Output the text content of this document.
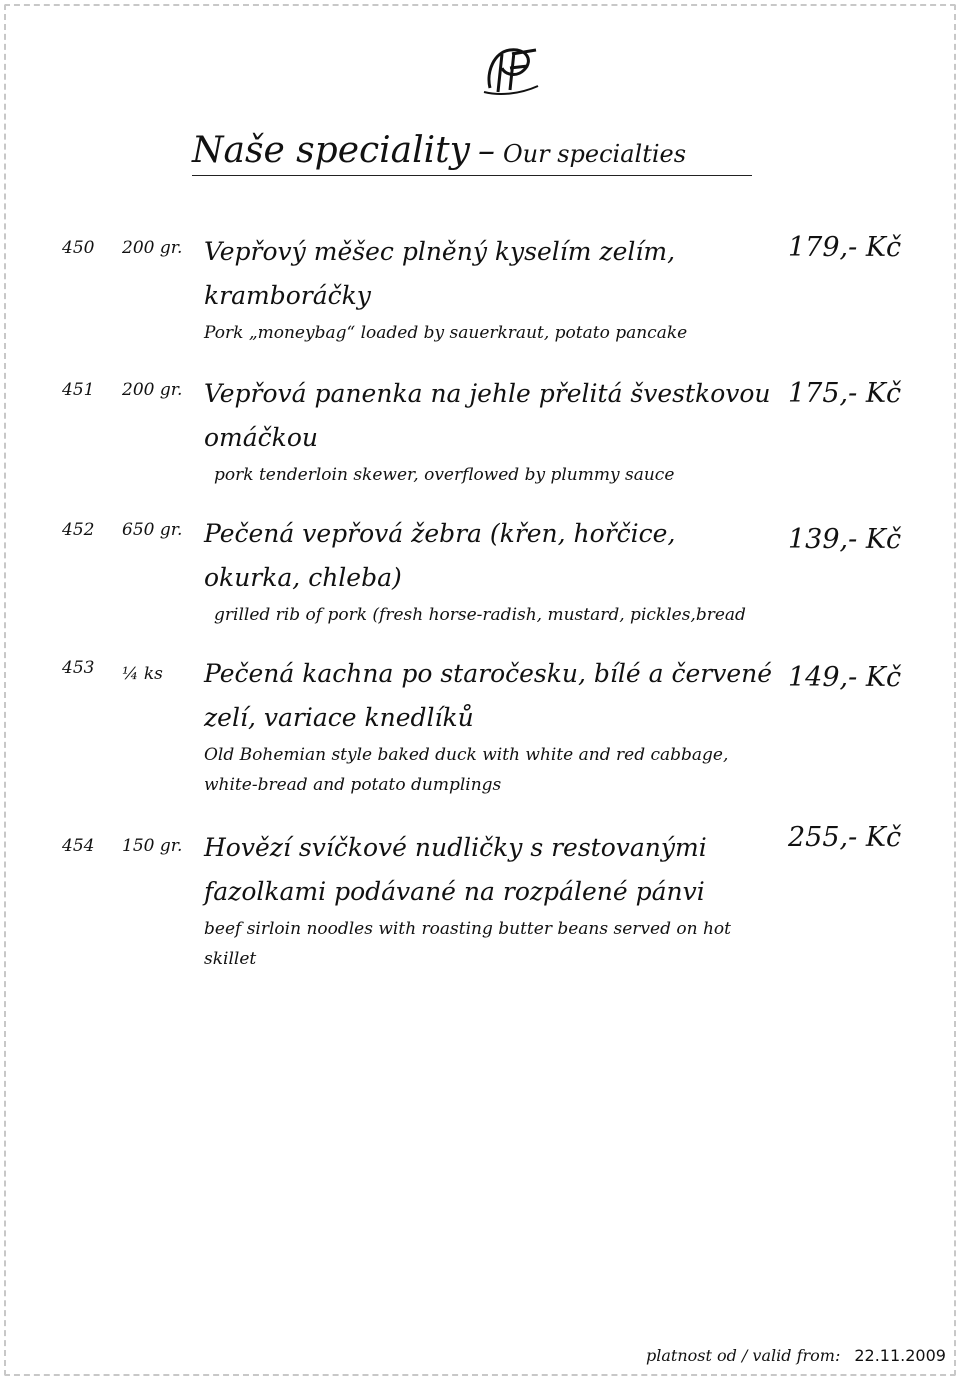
Naše speciality – Our specialties
450 200 gr. Vepřový měšec plněný kyselím zelím, kramboráčky
Pork „moneybag“ loaded by sauerkraut, potato pancake
179,- Kč
451 200 gr. Vepřová panenka na jehle přelitá švestkovou omáčkou
pork tenderloin skewer, overflowed by plummy sauce
175,- Kč
452 650 gr. Pečená vepřová žebra (křen, hořčice, okurka, chleba)
grilled rib of pork (fresh horse-radish, mustard, pickles,bread
139,- Kč
453 ¼ ks Pečená kachna po staročesku, bílé a červené zelí, variace knedlíků
Old Bohemian style baked duck with white and red cabbage, white-bread and potato dumplings
149,- Kč
454 150 gr. Hovězí svíčkové nudličky s restovanými fazolkami podávané na rozpálené pánvi
beef sirloin noodles with roasting butter beans served on hot skillet
255,- Kč
platnost od / valid from: 22.11.2009
